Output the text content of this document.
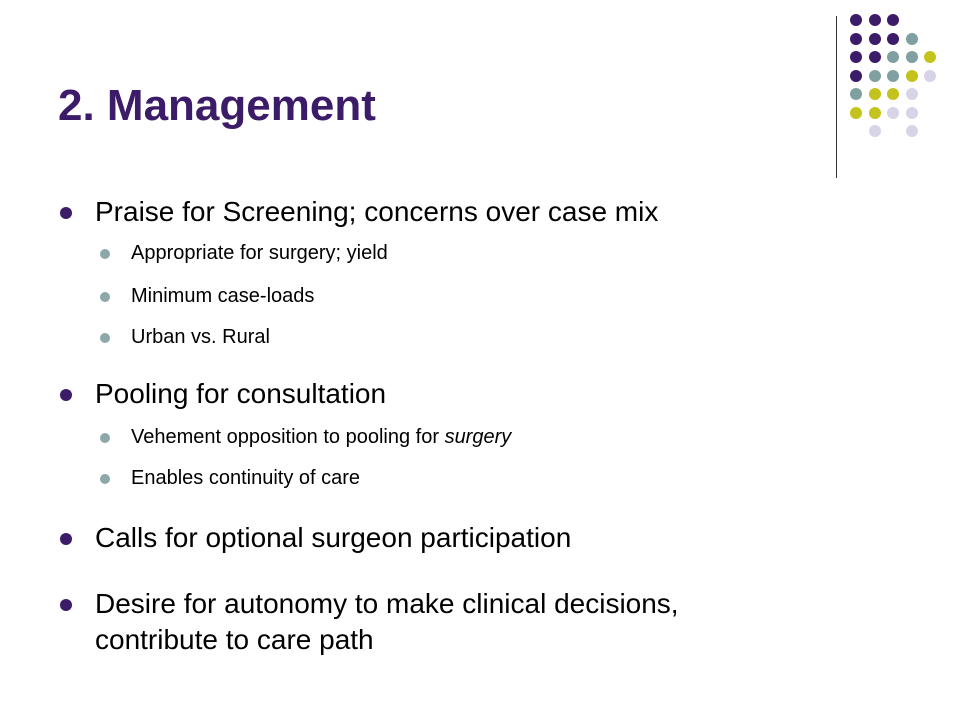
2. Management
Praise for Screening; concerns over case mix
Appropriate for surgery; yield
Minimum case-loads
Urban vs. Rural
Pooling for consultation
Vehement opposition to pooling for surgery
Enables continuity of care
Calls for optional surgeon participation
Desire for autonomy to make clinical decisions,
contribute to care path
